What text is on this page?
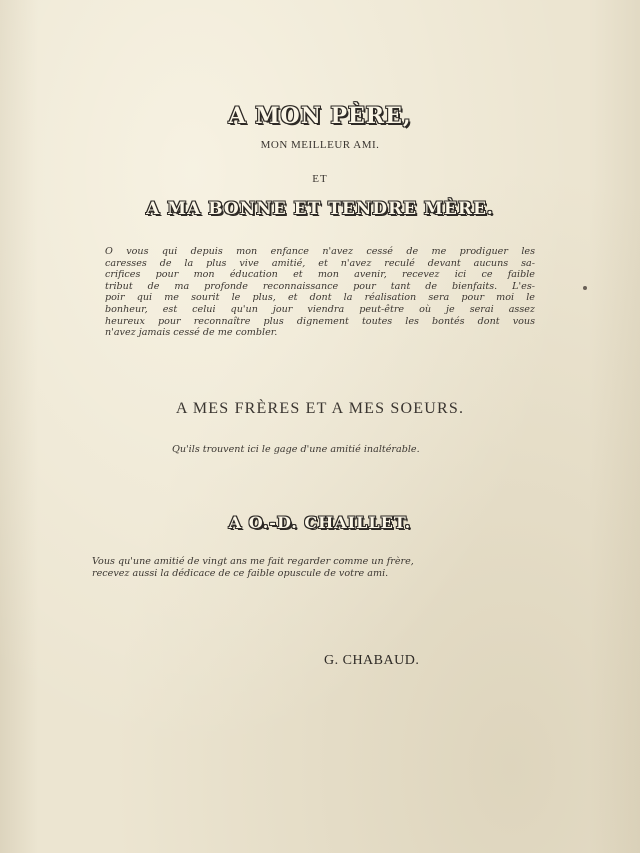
A MON PÈRE,
MON MEILLEUR AMI.
ET
A MA BONNE ET TENDRE MÈRE.
O vous qui depuis mon enfance n'avez cessé de me prodiguer les
caresses de la plus vive amitié, et n'avez reculé devant aucuns sa-
crifices pour mon éducation et mon avenir, recevez ici ce faible
tribut de ma profonde reconnaissance pour tant de bienfaits. L'es-
poir qui me sourit le plus, et dont la réalisation sera pour moi le
bonheur, est celui qu'un jour viendra peut-être où je serai assez
heureux pour reconnaître plus dignement toutes les bontés dont vous
n'avez jamais cessé de me combler.
A MES FRÈRES ET A MES SOEURS.
Qu'ils trouvent ici le gage d'une amitié inaltérable.
A O.-D. CHAILLET.
Vous qu'une amitié de vingt ans me fait regarder comme un frère,
recevez aussi la dédicace de ce faible opuscule de votre ami.
G. CHABAUD.
